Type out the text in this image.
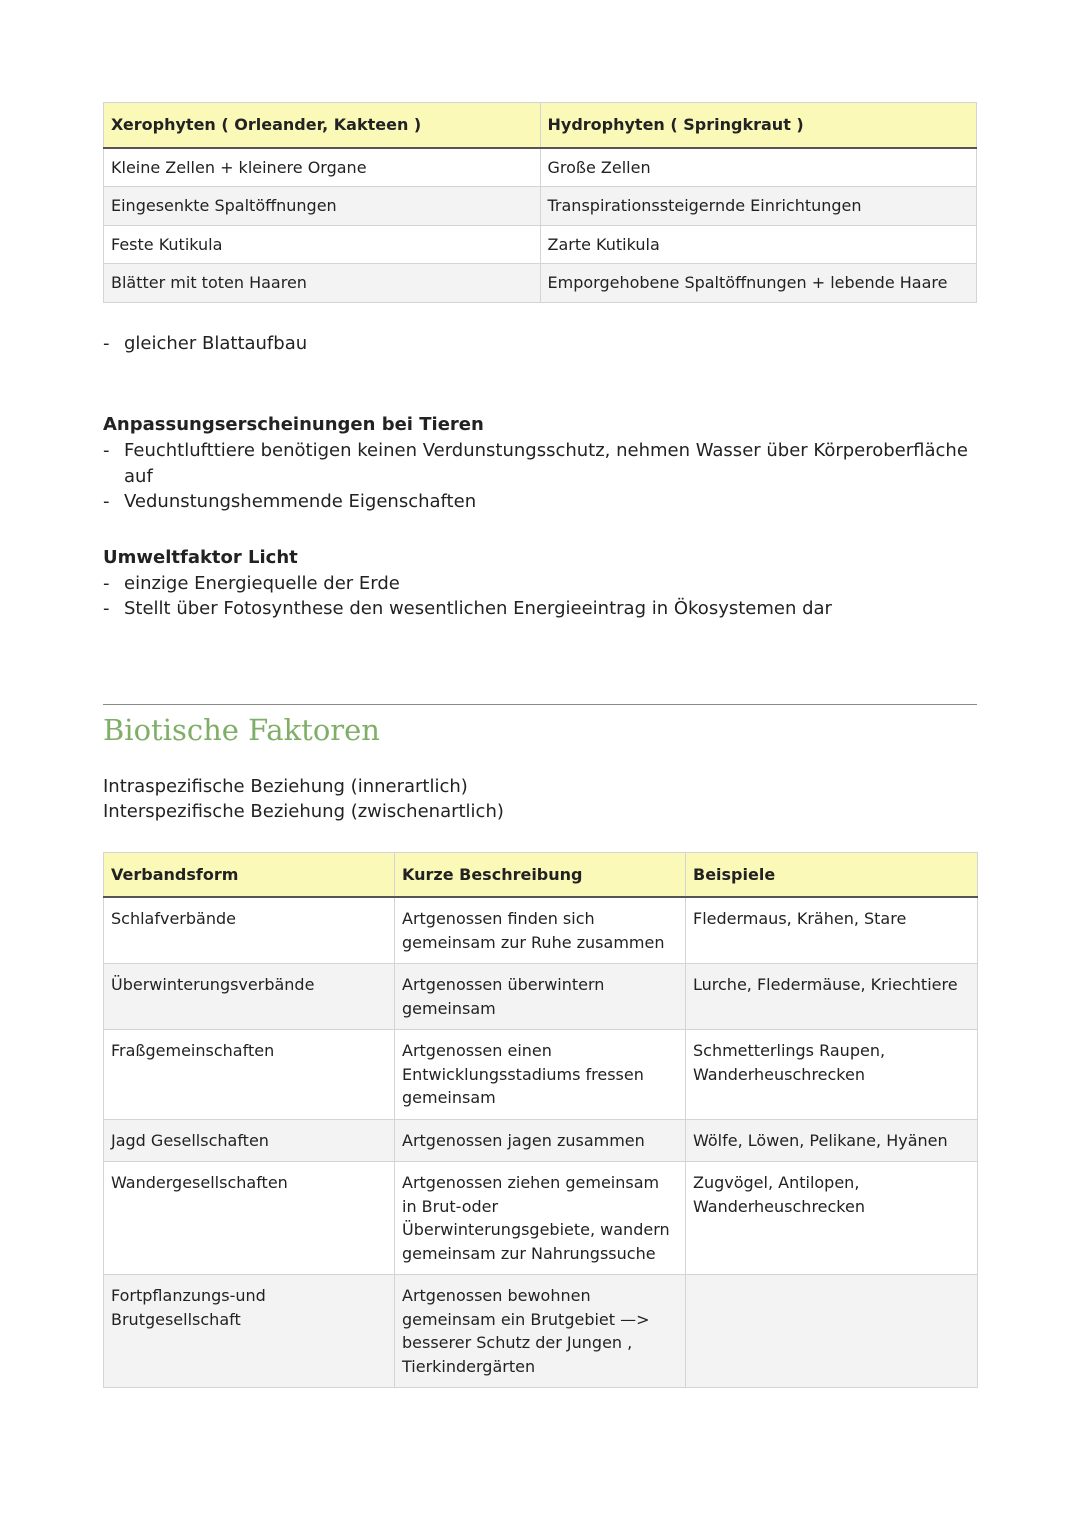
Xerophyten ( Orleander, Kakteen )	Hydrophyten ( Springkraut )
Kleine Zellen + kleinere Organe	Große Zellen
Eingesenkte Spaltöffnungen	Transpirationssteigernde Einrichtungen
Feste Kutikula	Zarte Kutikula
Blätter mit toten Haaren	Emporgehobene Spaltöffnungen + lebende Haare
- gleicher Blattaufbau
Anpassungserscheinungen bei Tieren
- Feuchtlufttiere benötigen keinen Verdunstungsschutz, nehmen Wasser über Körperoberfläche auf
- Vedunstungshemmende Eigenschaften
Umweltfaktor Licht
- einzige Energiequelle der Erde
- Stellt über Fotosynthese den wesentlichen Energieeintrag in Ökosystemen dar
Biotische Faktoren
Intraspezifische Beziehung (innerartlich)
Interspezifische Beziehung (zwischenartlich)
Verbandsform	Kurze Beschreibung	Beispiele
Schlafverbände	Artgenossen finden sich gemeinsam zur Ruhe zusammen	Fledermaus, Krähen, Stare
Überwinterungsverbände	Artgenossen überwintern gemeinsam	Lurche, Fledermäuse, Kriechtiere
Fraßgemeinschaften	Artgenossen einen Entwicklungsstadiums fressen gemeinsam	Schmetterlings Raupen, Wanderheuschrecken
Jagd Gesellschaften	Artgenossen jagen zusammen	Wölfe, Löwen, Pelikane, Hyänen
Wandergesellschaften	Artgenossen ziehen gemeinsam in Brut-oder Überwinterungsgebiete, wandern gemeinsam zur Nahrungssuche	Zugvögel, Antilopen, Wanderheuschrecken
Fortpflanzungs-und Brutgesellschaft	Artgenossen bewohnen gemeinsam ein Brutgebiet —> besserer Schutz der Jungen , Tierkindergärten	
